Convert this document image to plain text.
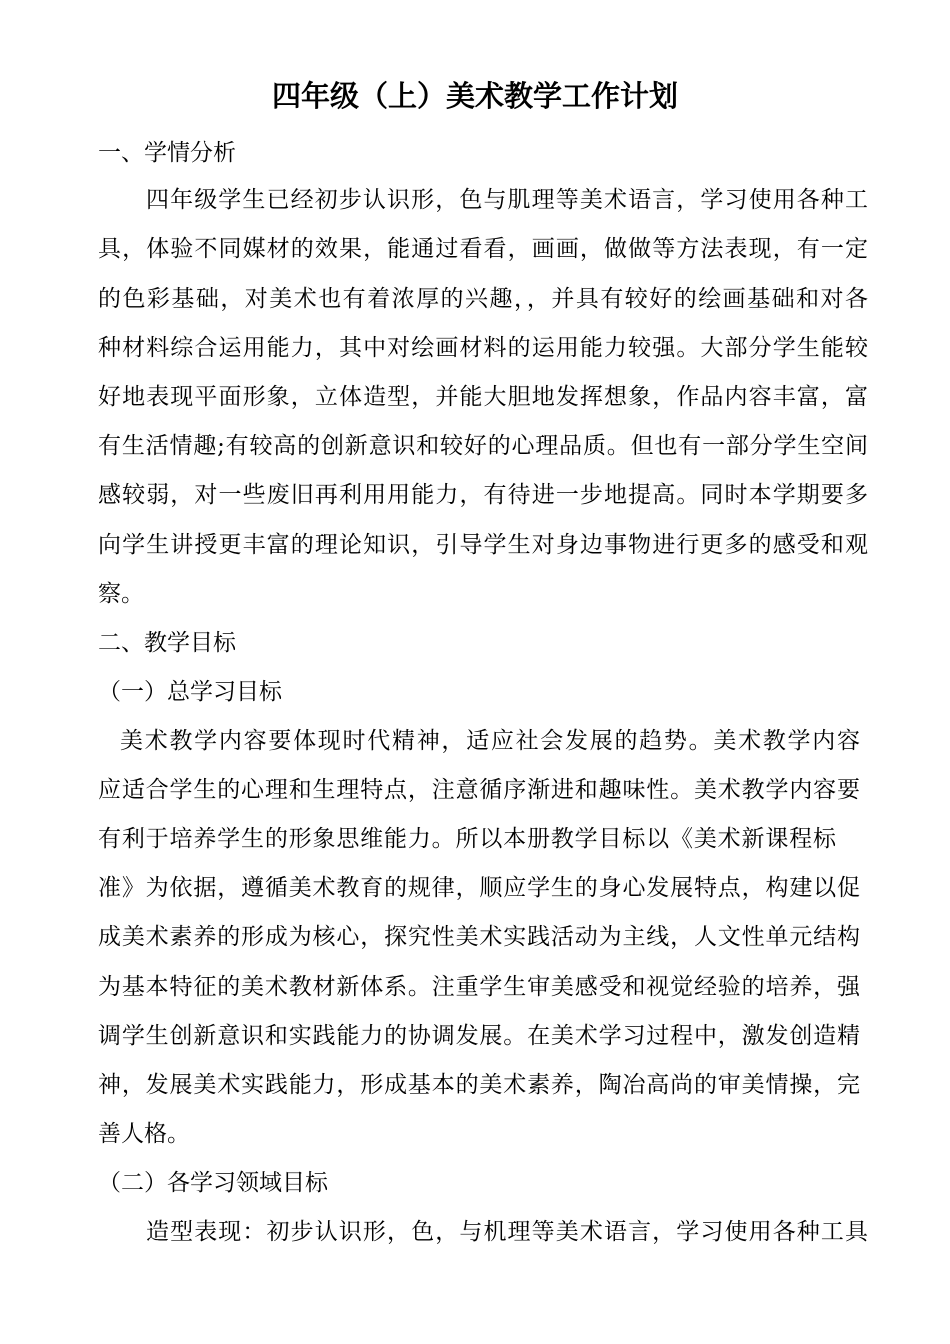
四年级（上）美术教学工作计划
一、学情分析
四年级学生已经初步认识形，色与肌理等美术语言，学习使用各种工
具，体验不同媒材的效果，能通过看看，画画，做做等方法表现，有一定
的色彩基础，对美术也有着浓厚的兴趣，，并具有较好的绘画基础和对各
种材料综合运用能力，其中对绘画材料的运用能力较强。大部分学生能较
好地表现平面形象，立体造型，并能大胆地发挥想象，作品内容丰富，富
有生活情趣;有较高的创新意识和较好的心理品质。但也有一部分学生空间
感较弱，对一些废旧再利用用能力，有待进一步地提高。同时本学期要多
向学生讲授更丰富的理论知识，引导学生对身边事物进行更多的感受和观
察。
二、教学目标
（一）总学习目标
美术教学内容要体现时代精神，适应社会发展的趋势。美术教学内容
应适合学生的心理和生理特点，注意循序渐进和趣味性。美术教学内容要
有利于培养学生的形象思维能力。所以本册教学目标以《美术新课程标
准》为依据，遵循美术教育的规律，顺应学生的身心发展特点，构建以促
成美术素养的形成为核心，探究性美术实践活动为主线，人文性单元结构
为基本特征的美术教材新体系。注重学生审美感受和视觉经验的培养，强
调学生创新意识和实践能力的协调发展。在美术学习过程中，激发创造精
神，发展美术实践能力，形成基本的美术素养，陶冶高尚的审美情操，完
善人格。
（二）各学习领域目标
造型表现：初步认识形，色，与机理等美术语言，学习使用各种工具
